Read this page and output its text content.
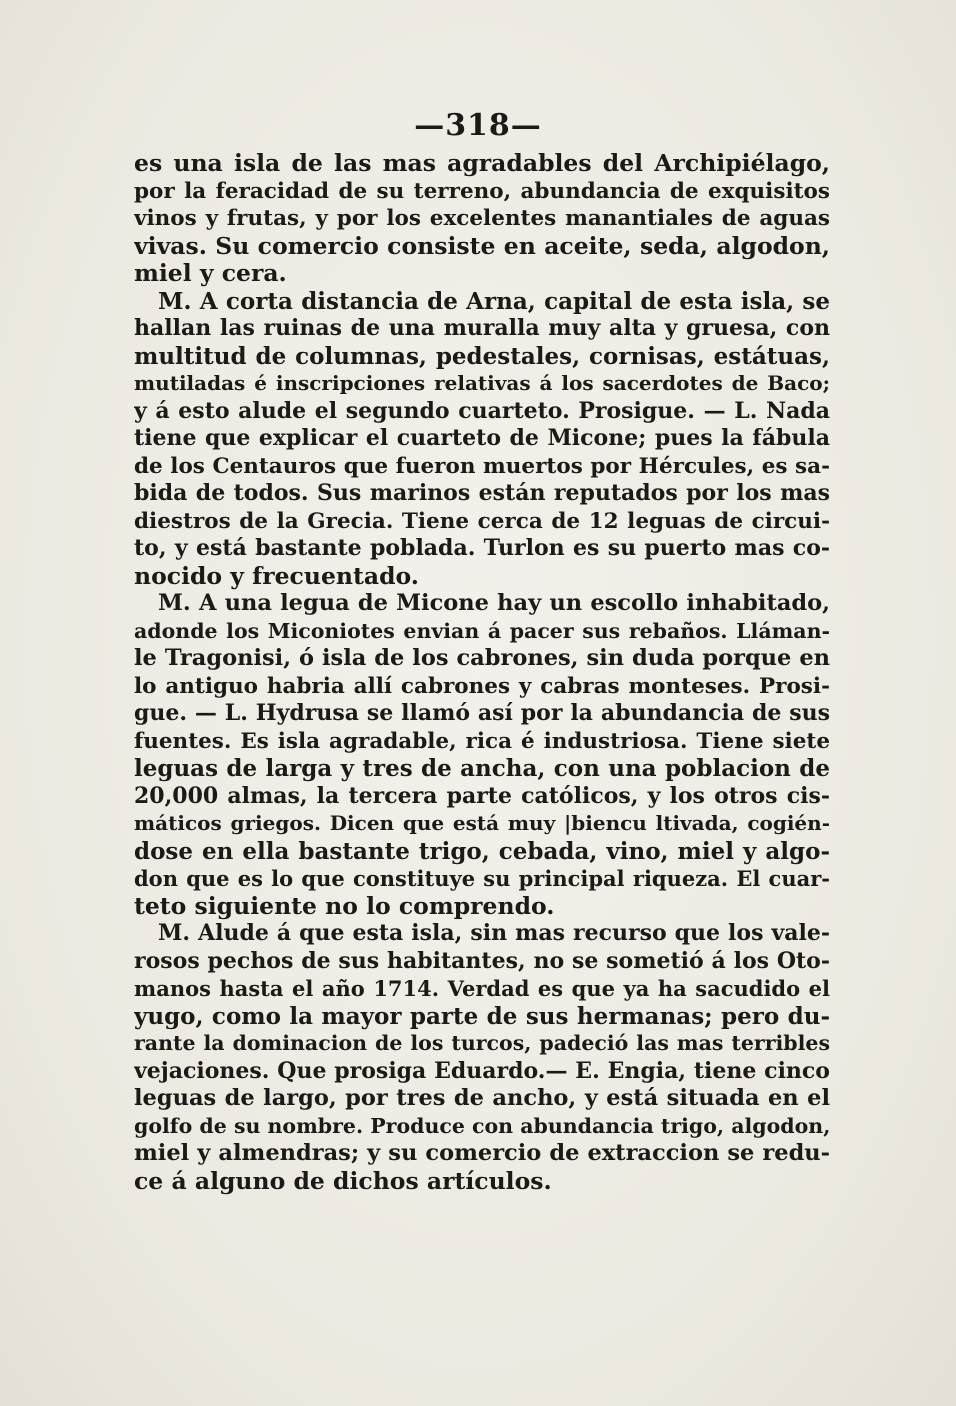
—318—
es una isla de las mas agradables del Archipiélago,
por la feracidad de su terreno, abundancia de exquisitos
vinos y frutas, y por los excelentes manantiales de aguas
vivas. Su comercio consiste en aceite, seda, algodon,
miel y cera.
M. A corta distancia de Arna, capital de esta isla, se
hallan las ruinas de una muralla muy alta y gruesa, con
multitud de columnas, pedestales, cornisas, estátuas,
mutiladas é inscripciones relativas á los sacerdotes de Baco;
y á esto alude el segundo cuarteto. Prosigue. — L. Nada
tiene que explicar el cuarteto de Micone; pues la fábula
de los Centauros que fueron muertos por Hércules, es sa-
bida de todos. Sus marinos están reputados por los mas
diestros de la Grecia. Tiene cerca de 12 leguas de circui-
to, y está bastante poblada. Turlon es su puerto mas co-
nocido y frecuentado.
M. A una legua de Micone hay un escollo inhabitado,
adonde los Miconiotes envian á pacer sus rebaños. Lláman-
le Tragonisi, ó isla de los cabrones, sin duda porque en
lo antiguo habria allí cabrones y cabras monteses. Prosi-
gue. — L. Hydrusa se llamó así por la abundancia de sus
fuentes. Es isla agradable, rica é industriosa. Tiene siete
leguas de larga y tres de ancha, con una poblacion de
20,000 almas, la tercera parte católicos, y los otros cis-
máticos griegos. Dicen que está muy |biencu ltivada, cogién-
dose en ella bastante trigo, cebada, vino, miel y algo-
don que es lo que constituye su principal riqueza. El cuar-
teto siguiente no lo comprendo.
M. Alude á que esta isla, sin mas recurso que los vale-
rosos pechos de sus habitantes, no se sometió á los Oto-
manos hasta el año 1714. Verdad es que ya ha sacudido el
yugo, como la mayor parte de sus hermanas; pero du-
rante la dominacion de los turcos, padeció las mas terribles
vejaciones. Que prosiga Eduardo.— E. Engia, tiene cinco
leguas de largo, por tres de ancho, y está situada en el
golfo de su nombre. Produce con abundancia trigo, algodon,
miel y almendras; y su comercio de extraccion se redu-
ce á alguno de dichos artículos.
